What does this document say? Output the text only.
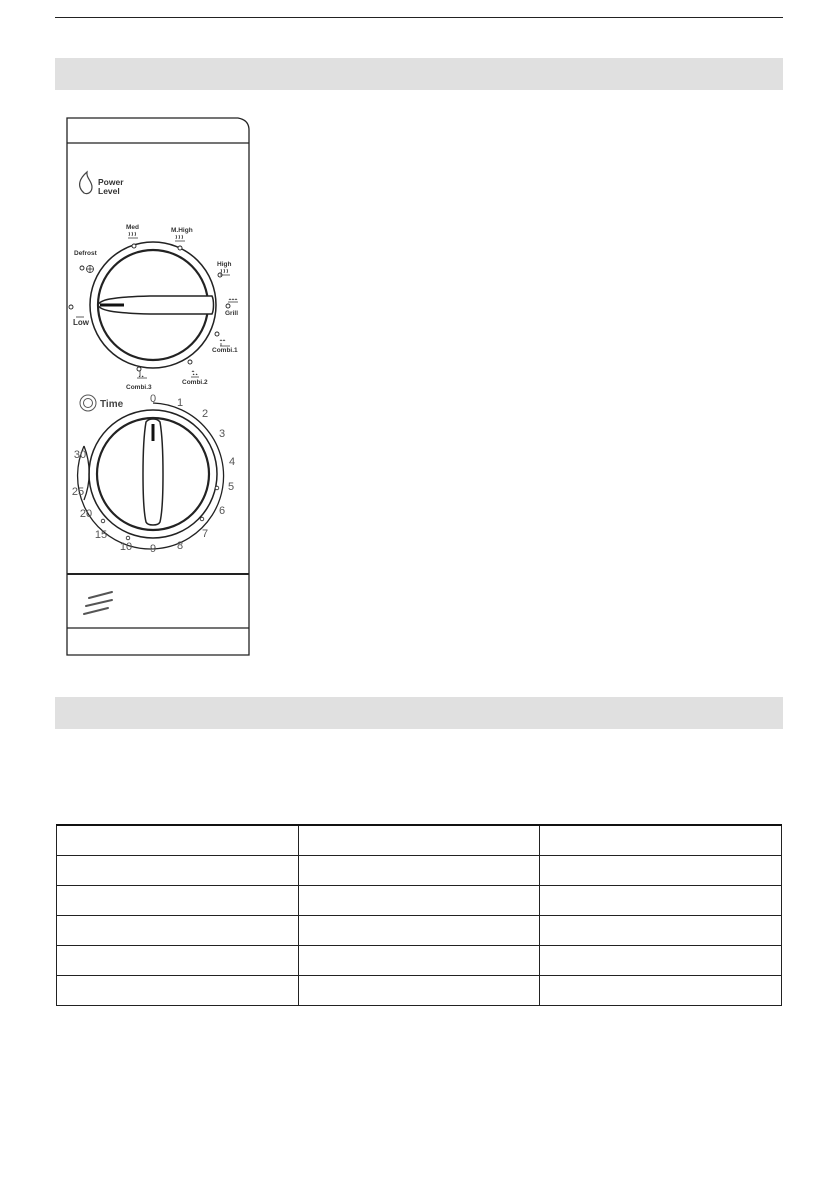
Power
Level
Low
Defrost
Med	M.High
High
Grill
Combi.1
Combi.2
Combi.3
Time 0 1
2
3
4
5
6
7
8
9
10
15
20
25
30
